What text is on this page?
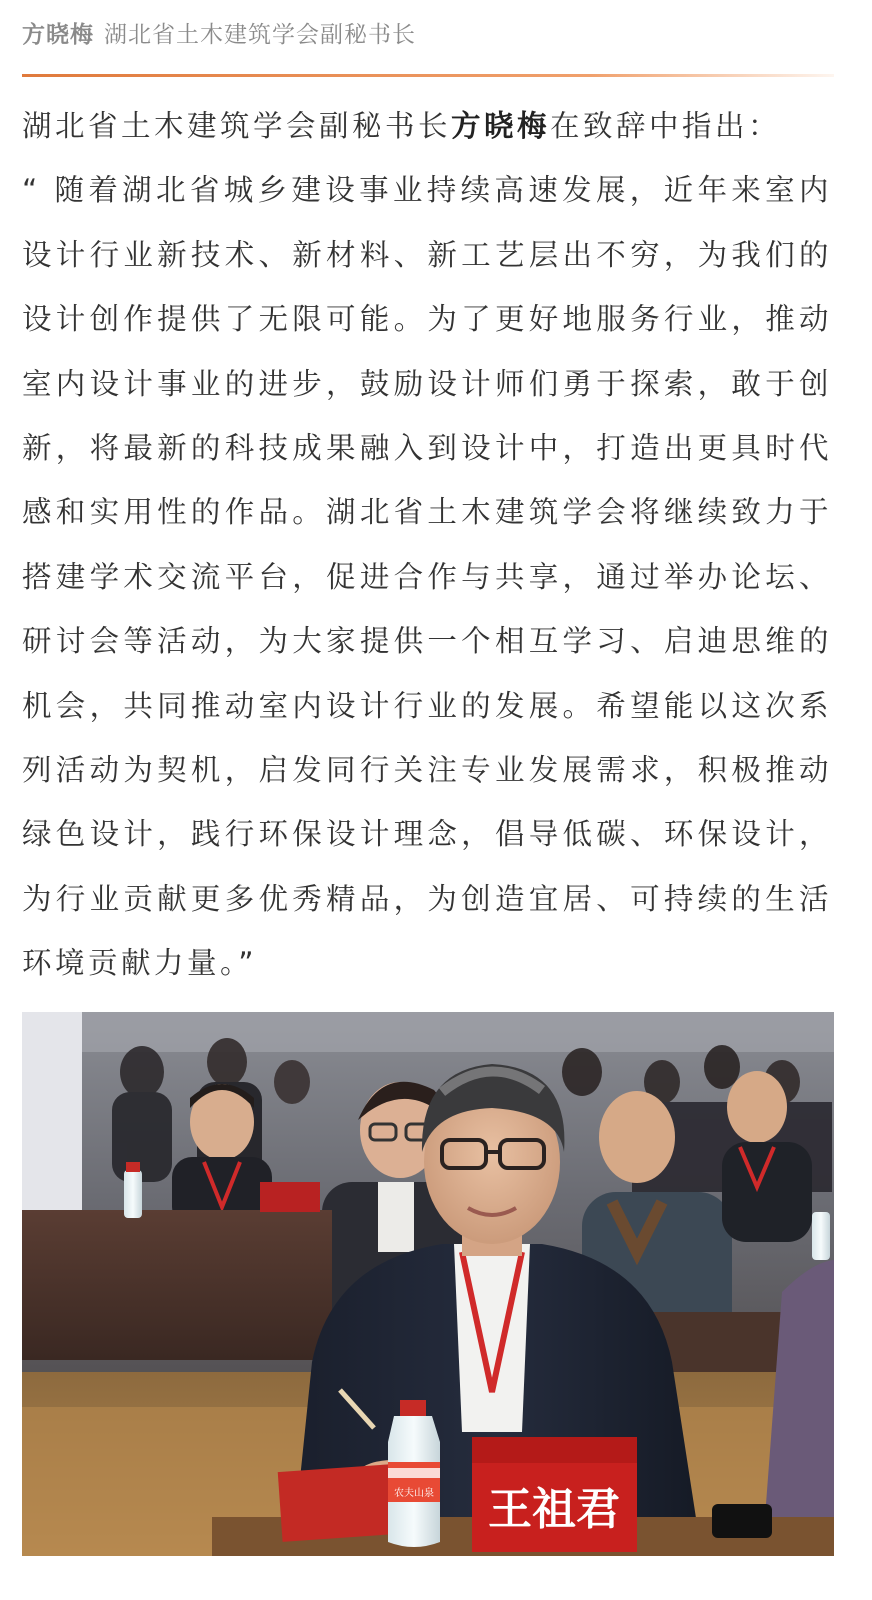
方晓梅 湖北省土木建筑学会副秘书长

湖北省土木建筑学会副秘书长方晓梅在致辞中指出：
“ 随着湖北省城乡建设事业持续高速发展，近年来室内设计行业新技术、新材料、新工艺层出不穷，为我们的设计创作提供了无限可能。为了更好地服务行业，推动室内设计事业的进步，鼓励设计师们勇于探索，敢于创新，将最新的科技成果融入到设计中，打造出更具时代感和实用性的作品。湖北省土木建筑学会将继续致力于搭建学术交流平台，促进合作与共享，通过举办论坛、研讨会等活动，为大家提供一个相互学习、启迪思维的机会，共同推动室内设计行业的发展。希望能以这次系列活动为契机，启发同行关注专业发展需求，积极推动绿色设计，践行环保设计理念，倡导低碳、环保设计，为行业贡献更多优秀精品，为创造宜居、可持续的生活环境贡献力量。”

农夫山泉 王祖君
